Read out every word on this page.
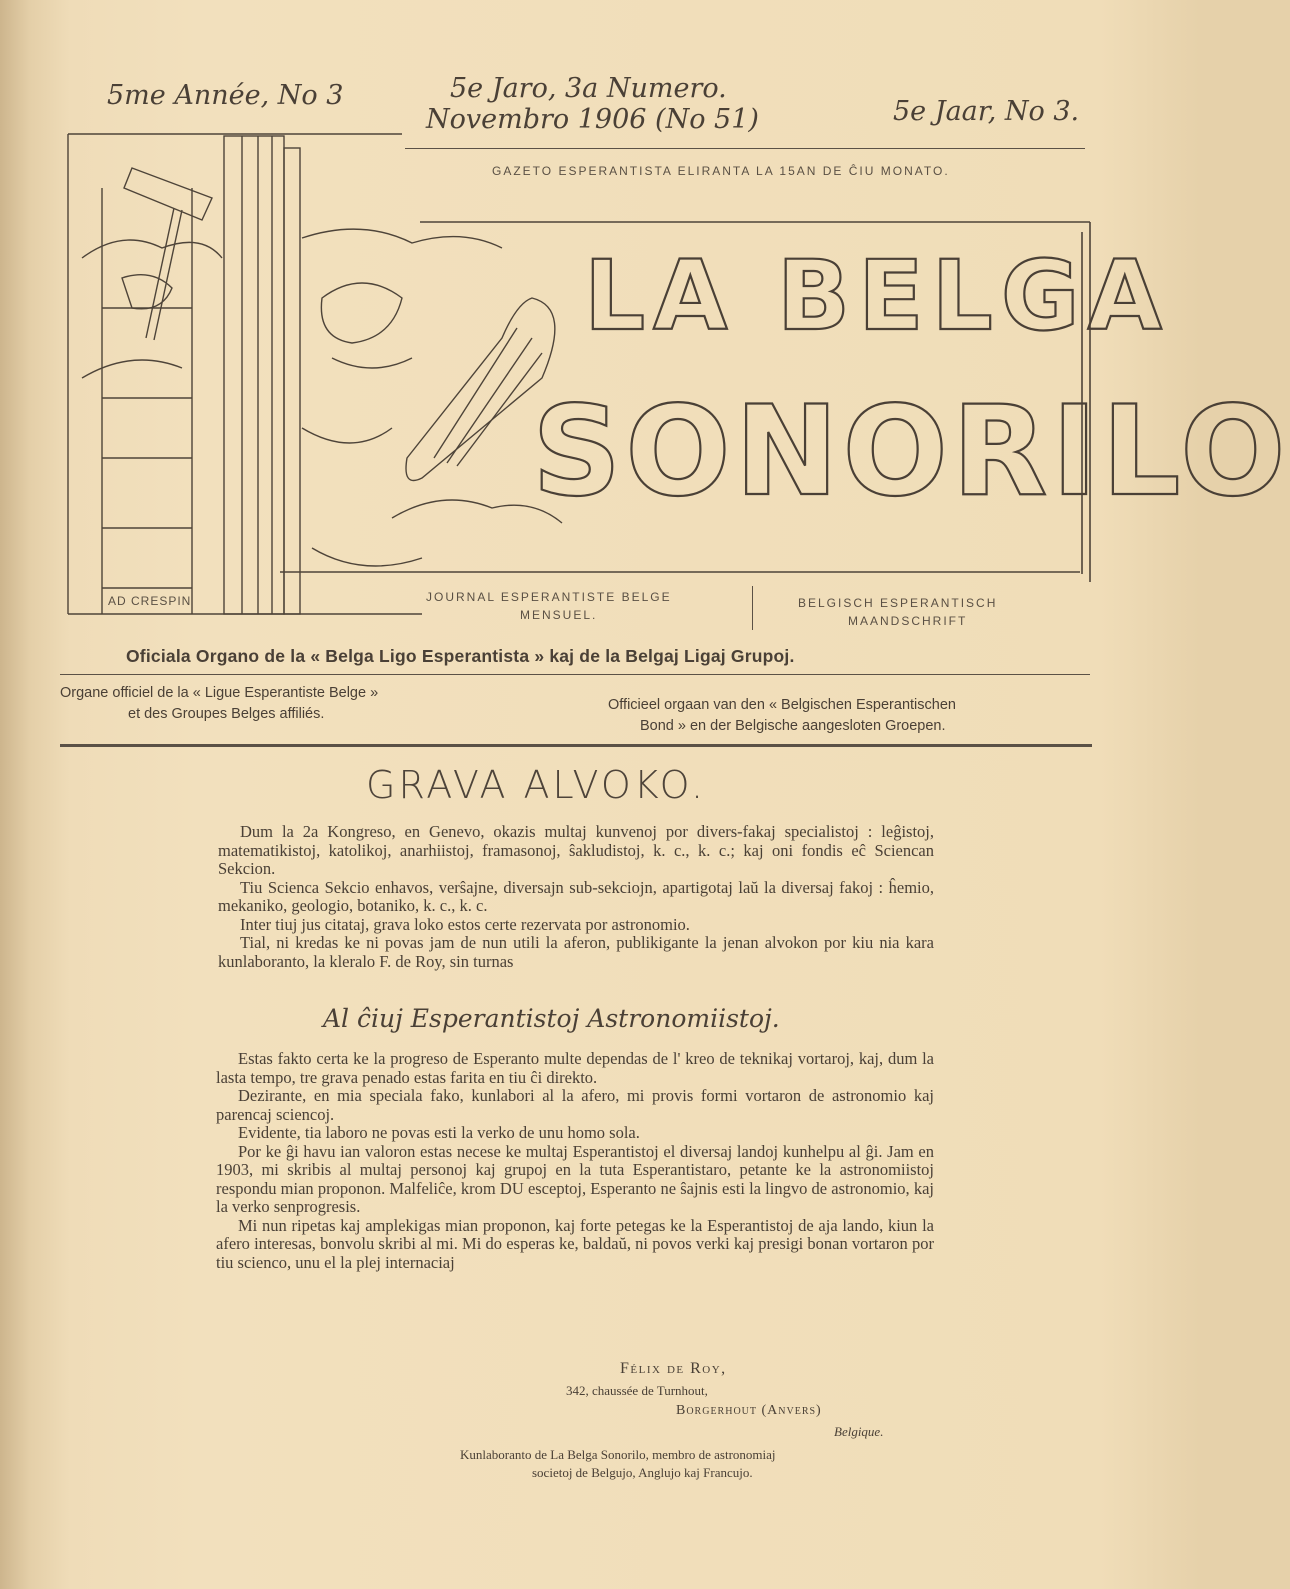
5me Année, No 3	5e Jaro, 3a Numero.
Novembro 1906 (No 51)	5e Jaar, No 3.
GAZETO ESPERANTISTA ELIRANTA LA 15AN DE ĈIU MONATO.
AD CRESPIN
LA BELGA
SONORILO
JOURNAL ESPERANTISTE BELGE
MENSUEL.
BELGISCH ESPERANTISCH
MAANDSCHRIFT
Oficiala Organo de la « Belga Ligo Esperantista » kaj de la Belgaj Ligaj Grupoj.
Organe officiel de la « Ligue Esperantiste Belge »
et des Groupes Belges affiliés.
Officieel orgaan van den « Belgischen Esperantischen
Bond » en der Belgische aangesloten Groepen.
GRAVA ALVOKO.

Dum la 2a Kongreso, en Genevo, okazis multaj kunvenoj por divers-fakaj specialistoj : leĝistoj, matematikistoj, katolikoj, anarhiistoj, framasonoj, ŝakludistoj, k. c., k. c.; kaj oni fondis eĉ Sciencan Sekcion.

Tiu Scienca Sekcio enhavos, verŝajne, diversajn sub-sekciojn, apartigotaj laŭ la diversaj fakoj : ĥemio, mekaniko, geologio, botaniko, k. c., k. c.

Inter tiuj jus citataj, grava loko estos certe rezervata por astronomio.

Tial, ni kredas ke ni povas jam de nun utili la aferon, publikigante la jenan alvokon por kiu nia kara kunlaboranto, la kleralo F. de Roy, sin turnas

Al ĉiuj Esperantistoj Astronomiistoj.

Estas fakto certa ke la progreso de Esperanto multe dependas de l' kreo de teknikaj vortaroj, kaj, dum la lasta tempo, tre grava penado estas farita en tiu ĉi direkto.

Dezirante, en mia speciala fako, kunlabori al la afero, mi provis formi vortaron de astronomio kaj parencaj sciencoj.

Evidente, tia laboro ne povas esti la verko de unu homo sola.

Por ke ĝi havu ian valoron estas necese ke multaj Esperantistoj el diversaj landoj kunhelpu al ĝi. Jam en 1903, mi skribis al multaj personoj kaj grupoj en la tuta Esperantistaro, petante ke la astronomiistoj respondu mian proponon. Malfeliĉe, krom DU esceptoj, Esperanto ne ŝajnis esti la lingvo de astronomio, kaj la verko senprogresis.

Mi nun ripetas kaj amplekigas mian proponon, kaj forte petegas ke la Esperantistoj de aja lando, kiun la afero interesas, bonvolu skribi al mi. Mi do esperas ke, baldaŭ, ni povos verki kaj presigi bonan vortaron por tiu scienco, unu el la plej internaciaj

Félix de Roy,
342, chaussée de Turnhout,
Borgerhout (Anvers)
Belgique.
Kunlaboranto de La Belga Sonorilo, membro de astronomiaj
societoj de Belgujo, Anglujo kaj Francujo.
